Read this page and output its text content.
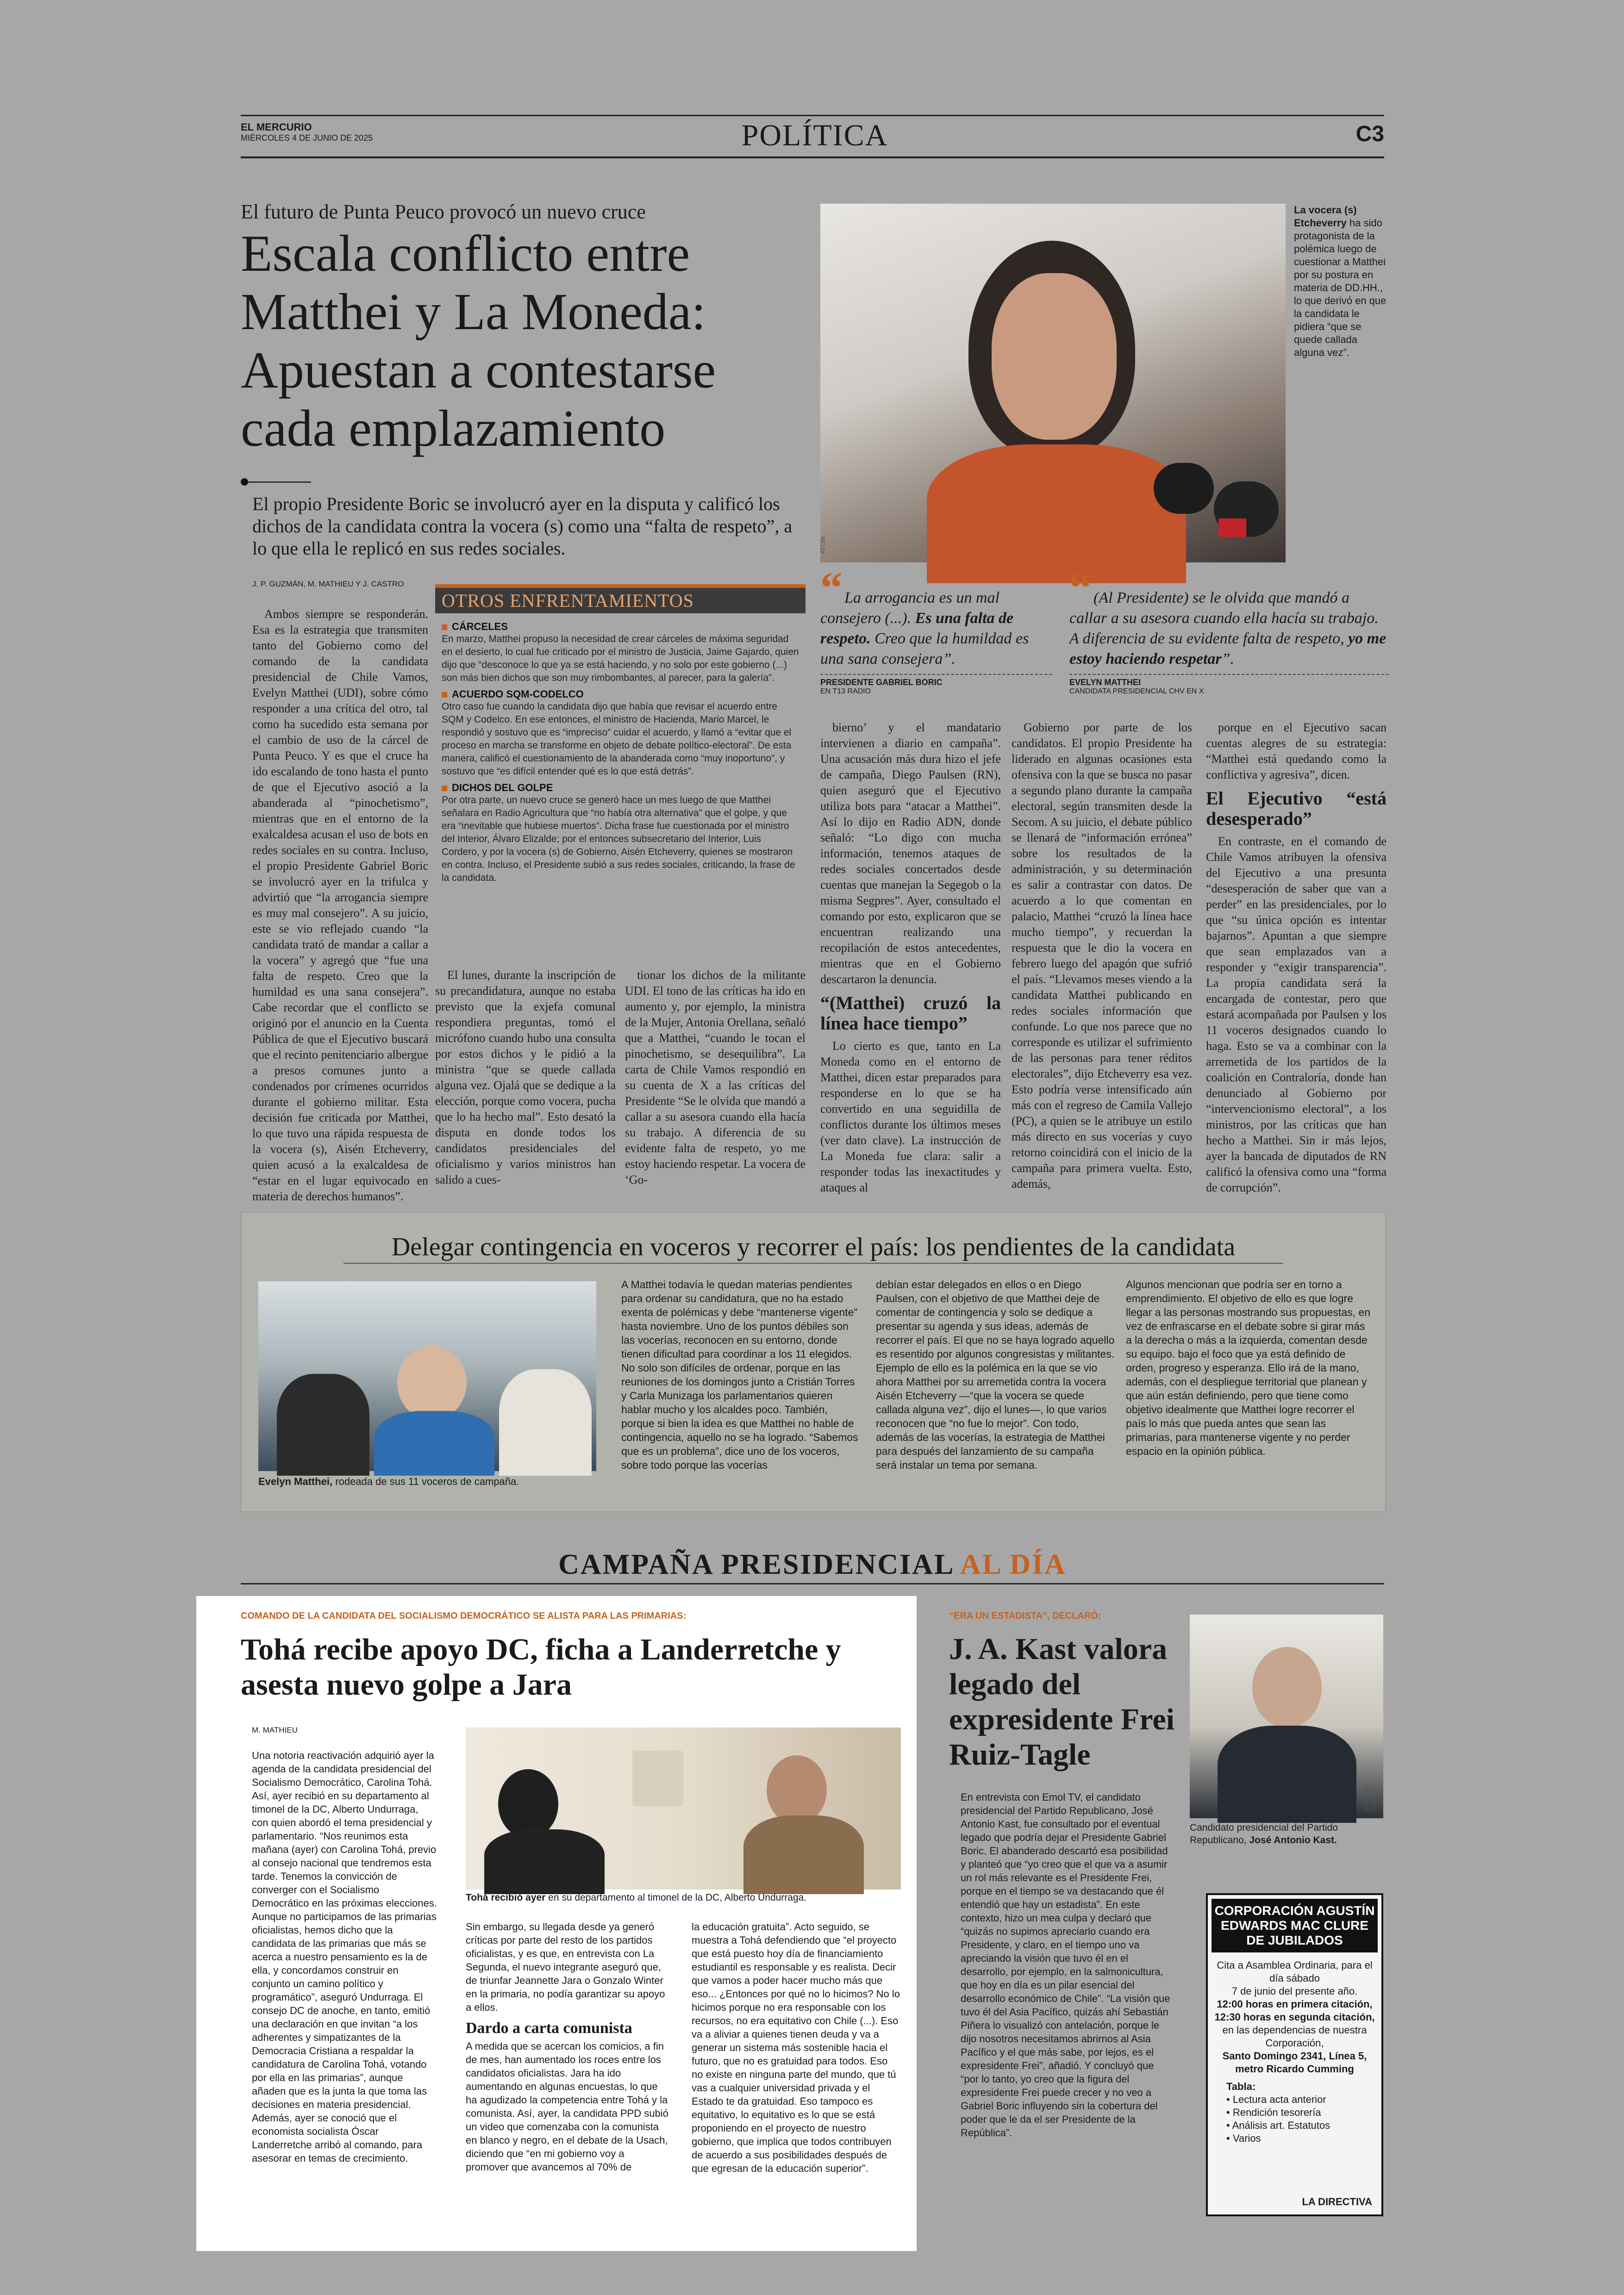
EL MERCURIO
MIÉRCOLES 4 DE JUNIO DE 2025	POLÍTICA	C3
El futuro de Punta Peuco provocó un nuevo cruce
Escala conflicto entre Matthei y La Moneda: Apuestan a contestarse cada emplazamiento
El propio Presidente Boric se involucró ayer en la disputa y calificó los dichos de la candidata contra la vocera (s) como una “falta de respeto”, a lo que ella le replicó en sus redes sociales.	ATON
La vocera (s) Etcheverry ha sido protagonista de la polémica luego de cuestionar a Matthei por su postura en materia de DD.HH., lo que derivó en que la candidata le pidiera “que se quede callada alguna vez”.
J. P. GUZMÁN, M. MATHIEU Y J. CASTRO

Ambos siempre se responderán. Esa es la estrategia que transmiten tanto del Gobierno como del comando de la candidata presidencial de Chile Vamos, Evelyn Matthei (UDI), sobre cómo responder a una crítica del otro, tal como ha sucedido esta semana por el cambio de uso de la cárcel de Punta Peuco. Y es que el cruce ha ido escalando de tono hasta el punto de que el Ejecutivo asoció a la abanderada al “pinochetismo”, mientras que en el entorno de la exalcaldesa acusan el uso de bots en redes sociales en su contra. Incluso, el propio Presidente Gabriel Boric se involucró ayer en la trifulca y advirtió que “la arrogancia siempre es muy mal consejero”. A su juicio, este se vio reflejado cuando “la candidata trató de mandar a callar a la vocera” y agregó que “fue una falta de respeto. Creo que la humildad es una sana consejera”. Cabe recordar que el conflicto se originó por el anuncio en la Cuenta Pública de que el Ejecutivo buscará que el recinto penitenciario albergue a presos comunes junto a condenados por crímenes ocurridos durante el gobierno militar. Esta decisión fue criticada por Matthei, lo que tuvo una rápida respuesta de la vocera (s), Aisén Etcheverry, quien acusó a la exalcaldesa de “estar en el lugar equivocado en materia de derechos humanos”.

OTROS ENFRENTAMIENTOS
CÁRCELES
En marzo, Matthei propuso la necesidad de crear cárceles de máxima seguridad en el desierto, lo cual fue criticado por el ministro de Justicia, Jaime Gajardo, quien dijo que “desconoce lo que ya se está haciendo, y no solo por este gobierno (...) son más bien dichos que son muy rimbombantes, al parecer, para la galería”.
ACUERDO SQM-CODELCO
Otro caso fue cuando la candidata dijo que había que revisar el acuerdo entre SQM y Codelco. En ese entonces, el ministro de Hacienda, Mario Marcel, le respondió y sostuvo que es “impreciso” cuidar el acuerdo, y llamó a “evitar que el proceso en marcha se transforme en objeto de debate político-electoral”. De esta manera, calificó el cuestionamiento de la abanderada como “muy inoportuno”, y sostuvo que “es difícil entender qué es lo que está detrás”.
DICHOS DEL GOLPE
Por otra parte, un nuevo cruce se generó hace un mes luego de que Matthei señalara en Radio Agricultura que “no había otra alternativa” que el golpe, y que era “inevitable que hubiese muertos”. Dicha frase fue cuestionada por el ministro del Interior, Álvaro Elizalde; por el entonces subsecretario del Interior, Luis Cordero, y por la vocera (s) de Gobierno, Aisén Etcheverry, quienes se mostraron en contra. Incluso, el Presidente subió a sus redes sociales, criticando, la frase de la candidata.

El lunes, durante la inscripción de su precandidatura, aunque no estaba previsto que la exjefa comunal respondiera preguntas, tomó el micrófono cuando hubo una consulta por estos dichos y le pidió a la ministra “que se quede callada alguna vez. Ojalá que se dedique a la elección, porque como vocera, pucha que lo ha hecho mal”. Esto desató la disputa en donde todos los candidatos presidenciales del oficialismo y varios ministros han salido a cues-

tionar los dichos de la militante UDI. El tono de las críticas ha ido en aumento y, por ejemplo, la ministra de la Mujer, Antonia Orellana, señaló que a Matthei, “cuando le tocan el pinochetismo, se desequilibra”. La carta de Chile Vamos respondió en su cuenta de X a las críticas del Presidente “Se le olvida que mandó a callar a su asesora cuando ella hacía su trabajo. A diferencia de su evidente falta de respeto, yo me estoy haciendo respetar. La vocera de ‘Go-

“ La arrogancia es un mal consejero (...). Es una falta de respeto. Creo que la humildad es una sana consejera”.
PRESIDENTE GABRIEL BORIC
EN T13 RADIO
“ (Al Presidente) se le olvida que mandó a callar a su asesora cuando ella hacía su trabajo. A diferencia de su evidente falta de respeto, yo me estoy haciendo respetar”.
EVELYN MATTHEI
CANDIDATA PRESIDENCIAL CHV EN X

bierno’ y el mandatario intervienen a diario en campaña”. Una acusación más dura hizo el jefe de campaña, Diego Paulsen (RN), quien aseguró que el Ejecutivo utiliza bots para “atacar a Matthei”. Así lo dijo en Radio ADN, donde señaló: “Lo digo con mucha información, tenemos ataques de redes sociales concertados desde cuentas que manejan la Segegob o la misma Segpres”. Ayer, consultado el comando por esto, explicaron que se encuentran realizando una recopilación de estos antecedentes, mientras que en el Gobierno descartaron la denuncia.

“(Matthei) cruzó la línea hace tiempo”

Lo cierto es que, tanto en La Moneda como en el entorno de Matthei, dicen estar preparados para responderse en lo que se ha convertido en una seguidilla de conflictos durante los últimos meses (ver dato clave). La instrucción de La Moneda fue clara: salir a responder todas las inexactitudes y ataques al

Gobierno por parte de los candidatos. El propio Presidente ha liderado en algunas ocasiones esta ofensiva con la que se busca no pasar a segundo plano durante la campaña electoral, según transmiten desde la Secom. A su juicio, el debate público se llenará de “información errónea” sobre los resultados de la administración, y su determinación es salir a contrastar con datos. De acuerdo a lo que comentan en palacio, Matthei “cruzó la línea hace mucho tiempo”, y recuerdan la respuesta que le dio la vocera en febrero luego del apagón que sufrió el país. “Llevamos meses viendo a la candidata Matthei publicando en redes sociales información que confunde. Lo que nos parece que no corresponde es utilizar el sufrimiento de las personas para tener réditos electorales”, dijo Etcheverry esa vez. Esto podría verse intensificado aún más con el regreso de Camila Vallejo (PC), a quien se le atribuye un estilo más directo en sus vocerías y cuyo retorno coincidirá con el inicio de la campaña para primera vuelta. Esto, además,

porque en el Ejecutivo sacan cuentas alegres de su estrategia: “Matthei está quedando como la conflictiva y agresiva”, dicen.

El Ejecutivo “está desesperado”

En contraste, en el comando de Chile Vamos atribuyen la ofensiva del Ejecutivo a una presunta “desesperación de saber que van a perder” en las presidenciales, por lo que “su única opción es intentar bajarnos”. Apuntan a que siempre que sean emplazados van a responder y “exigir transparencia”. La propia candidata será la encargada de contestar, pero que estará acompañada por Paulsen y los 11 voceros designados cuando lo haga. Esto se va a combinar con la arremetida de los partidos de la coalición en Contraloría, donde han denunciado al Gobierno por “intervencionismo electoral”, a los ministros, por las críticas que han hecho a Matthei. Sin ir más lejos, ayer la bancada de diputados de RN calificó la ofensiva como una “forma de corrupción”.

Delegar contingencia en voceros y recorrer el país: los pendientes de la candidata
Evelyn Matthei, rodeada de sus 11 voceros de campaña.
A Matthei todavía le quedan materias pendientes para ordenar su candidatura, que no ha estado exenta de polémicas y debe “mantenerse vigente” hasta noviembre. Uno de los puntos débiles son las vocerías, reconocen en su entorno, donde tienen dificultad para coordinar a los 11 elegidos. No solo son difíciles de ordenar, porque en las reuniones de los domingos junto a Cristián Torres y Carla Munizaga los parlamentarios quieren hablar mucho y los alcaldes poco. También, porque si bien la idea es que Matthei no hable de contingencia, aquello no se ha logrado. “Sabemos que es un problema”, dice uno de los voceros, sobre todo porque las vocerías
debían estar delegados en ellos o en Diego Paulsen, con el objetivo de que Matthei deje de comentar de contingencia y solo se dedique a presentar su agenda y sus ideas, además de recorrer el país. El que no se haya logrado aquello es resentido por algunos congresistas y militantes. Ejemplo de ello es la polémica en la que se vio ahora Matthei por su arremetida contra la vocera Aisén Etcheverry —“que la vocera se quede callada alguna vez”, dijo el lunes—, lo que varios reconocen que “no fue lo mejor”. Con todo, además de las vocerías, la estrategia de Matthei para después del lanzamiento de su campaña será instalar un tema por semana.
Algunos mencionan que podría ser en torno a emprendimiento. El objetivo de ello es que logre llegar a las personas mostrando sus propuestas, en vez de enfrascarse en el debate sobre si girar más a la derecha o más a la izquierda, comentan desde su equipo. bajo el foco que ya está definido de orden, progreso y esperanza. Ello irá de la mano, además, con el despliegue territorial que planean y que aún están definiendo, pero que tiene como objetivo idealmente que Matthei logre recorrer el país lo más que pueda antes que sean las primarias, para mantenerse vigente y no perder espacio en la opinión pública.
CAMPAÑA PRESIDENCIAL AL DÍA
COMANDO DE LA CANDIDATA DEL SOCIALISMO DEMOCRÁTICO SE ALISTA PARA LAS PRIMARIAS:
Tohá recibe apoyo DC, ficha a Landerretche y asesta nuevo golpe a Jara
M. MATHIEU
Una notoria reactivación adquirió ayer la agenda de la candidata presidencial del Socialismo Democrático, Carolina Tohá. Así, ayer recibió en su departamento al timonel de la DC, Alberto Undurraga, con quien abordó el tema presidencial y parlamentario. “Nos reunimos esta mañana (ayer) con Carolina Tohá, previo al consejo nacional que tendremos esta tarde. Tenemos la convicción de converger con el Socialismo Democrático en las próximas elecciones. Aunque no participamos de las primarias oficialistas, hemos dicho que la candidata de las primarias que más se acerca a nuestro pensamiento es la de ella, y concordamos construir en conjunto un camino político y programático”, aseguró Undurraga. El consejo DC de anoche, en tanto, emitió una declaración en que invitan “a los adherentes y simpatizantes de la Democracia Cristiana a respaldar la candidatura de Carolina Tohá, votando por ella en las primarias”, aunque añaden que es la junta la que toma las decisiones en materia presidencial. Además, ayer se conoció que el economista socialista Óscar Landerretche arribó al comando, para asesorar en temas de crecimiento.
Tohá recibió ayer en su departamento al timonel de la DC, Alberto Undurraga.
Sin embargo, su llegada desde ya generó críticas por parte del resto de los partidos oficialistas, y es que, en entrevista con La Segunda, el nuevo integrante aseguró que, de triunfar Jeannette Jara o Gonzalo Winter en la primaria, no podía garantizar su apoyo a ellos.
Dardo a carta comunista
A medida que se acercan los comicios, a fin de mes, han aumentado los roces entre los candidatos oficialistas. Jara ha ido aumentando en algunas encuestas, lo que ha agudizado la competencia entre Tohá y la comunista. Así, ayer, la candidata PPD subió un video que comenzaba con la comunista en blanco y negro, en el debate de la Usach, diciendo que “en mi gobierno voy a promover que avancemos al 70% de
la educación gratuita”. Acto seguido, se muestra a Tohá defendiendo que “el proyecto que está puesto hoy día de financiamiento estudiantil es responsable y es realista. Decir que vamos a poder hacer mucho más que eso... ¿Entonces por qué no lo hicimos? No lo hicimos porque no era responsable con los recursos, no era equitativo con Chile (...). Eso va a aliviar a quienes tienen deuda y va a generar un sistema más sostenible hacia el futuro, que no es gratuidad para todos. Eso no existe en ninguna parte del mundo, que tú vas a cualquier universidad privada y el Estado te da gratuidad. Eso tampoco es equitativo, lo equitativo es lo que se está proponiendo en el proyecto de nuestro gobierno, que implica que todos contribuyen de acuerdo a sus posibilidades después de que egresan de la educación superior”.
“ERA UN ESTADISTA”, DECLARÓ:
J. A. Kast valora legado del expresidente Frei Ruiz-Tagle
En entrevista con Emol TV, el candidato presidencial del Partido Republicano, José Antonio Kast, fue consultado por el eventual legado que podría dejar el Presidente Gabriel Boric. El abanderado descartó esa posibilidad y planteó que “yo creo que el que va a asumir un rol más relevante es el Presidente Frei, porque en el tiempo se va destacando que él entendió que hay un estadista”. En este contexto, hizo un mea culpa y declaró que “quizás no supimos apreciarlo cuando era Presidente, y claro, en el tiempo uno va apreciando la visión que tuvo él en el desarrollo, por ejemplo, en la salmonicultura, que hoy en día es un pilar esencial del desarrollo económico de Chile”. “La visión que tuvo él del Asia Pacífico, quizás ahí Sebastián Piñera lo visualizó con antelación, porque le dijo nosotros necesitamos abrirnos al Asia Pacífico y el que más sabe, por lejos, es el expresidente Frei”, añadió. Y concluyó que “por lo tanto, yo creo que la figura del expresidente Frei puede crecer y no veo a Gabriel Boric influyendo sin la cobertura del poder que le da el ser Presidente de la República”.
CLAUDIO CORTÉS
Candidato presidencial del Partido Republicano, José Antonio Kast.
CORPORACIÓN AGUSTÍN EDWARDS MAC CLURE DE JUBILADOS
Cita a Asamblea Ordinaria, para el día sábado
7 de junio del presente año.
12:00 horas en primera citación,
12:30 horas en segunda citación,
en las dependencias de nuestra Corporación,
Santo Domingo 2341, Línea 5, metro Ricardo Cumming
Tabla:
• Lectura acta anterior
• Rendición tesorería
• Análisis art. Estatutos
• Varios
LA DIRECTIVA
